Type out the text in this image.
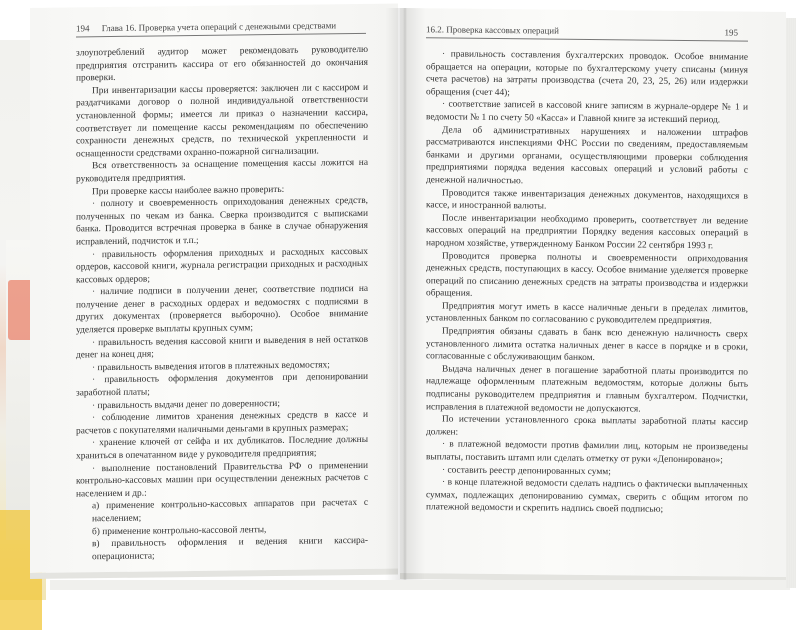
194 Глава 16. Проверка учета операций с денежными средствами

злоупотреблений аудитор может рекомендовать руководителю предприятия отстранить кассира от его обязанностей до окончания проверки.

При инвентаризации кассы проверяется: заключен ли с кассиром и раздатчиками договор о полной индивидуальной ответственности установленной формы; имеется ли приказ о назначении кассира, соответствует ли помещение кассы рекомендациям по обеспечению сохранности денежных средств, по технической укрепленности и оснащенности средствами охранно-пожарной сигнализации.

Вся ответственность за оснащение помещения кассы ложится на руководителя предприятия.

При проверке кассы наиболее важно проверить:

· полноту и своевременность оприходования денежных средств, полученных по чекам из банка. Сверка производится с выписками банка. Проводится встречная проверка в банке в случае обнаружения исправлений, подчисток и т.п.;

· правильность оформления приходных и расходных кассовых ордеров, кассовой книги, журнала регистрации приходных и расходных кассовых ордеров;

· наличие подписи в получении денег, соответствие подписи на получение денег в расходных ордерах и ведомостях с подписями в других документах (проверяется выборочно). Особое внимание уделяется проверке выплаты крупных сумм;

· правильность ведения кассовой книги и выведения в ней остатков денег на конец дня;

· правильность выведения итогов в платежных ведомостях;

· правильность оформления документов при депонировании заработной платы;

· правильность выдачи денег по доверенности;

· соблюдение лимитов хранения денежных средств в кассе и расчетов с покупателями наличными деньгами в крупных размерах;

· хранение ключей от сейфа и их дубликатов. Последние должны храниться в опечатанном виде у руководителя предприятия;

· выполнение постановлений Правительства РФ о применении контрольно-кассовых машин при осуществлении денежных расчетов с населением и др.:

а) применение контрольно-кассовых аппаратов при расчетах с населением;

б) применение контрольно-кассовой ленты,

в) правильность оформления и ведения книги кассира-операциониста;

16.2. Проверка кассовых операций	195

· правильность составления бухгалтерских проводок. Особое внимание обращается на операции, которые по бухгалтерскому учету списаны (минуя счета расчетов) на затраты производства (счета 20, 23, 25, 26) или издержки обращения (счет 44);

· соответствие записей в кассовой книге записям в журнале-ордере № 1 и ведомости № 1 по счету 50 «Касса» и Главной книге за истекший период.

Дела об административных нарушениях и наложении штрафов рассматриваются инспекциями ФНС России по сведениям, предоставляемым банками и другими органами, осуществляющими проверки соблюдения предприятиями порядка ведения кассовых операций и условий работы с денежной наличностью.

Проводится также инвентаризация денежных документов, находящихся в кассе, и иностранной валюты.

После инвентаризации необходимо проверить, соответствует ли ведение кассовых операций на предприятии Порядку ведения кассовых операций в народном хозяйстве, утвержденному Банком России 22 сентября 1993 г.

Проводится проверка полноты и своевременности оприходования денежных средств, поступающих в кассу. Особое внимание уделяется проверке операций по списанию денежных средств на затраты производства и издержки обращения.

Предприятия могут иметь в кассе наличные деньги в пределах лимитов, установленных банком по согласованию с руководителем предприятия.

Предприятия обязаны сдавать в банк всю денежную наличность сверх установленного лимита остатка наличных денег в кассе в порядке и в сроки, согласованные с обслуживающим банком.

Выдача наличных денег в погашение заработной платы производится по надлежаще оформленным платежным ведомостям, которые должны быть подписаны руководителем предприятия и главным бухгалтером. Подчистки, исправления в платежной ведомости не допускаются.

По истечении установленного срока выплаты заработной платы кассир должен:

· в платежной ведомости против фамилии лиц, которым не произведены выплаты, поставить штамп или сделать отметку от руки «Депонировано»;

· составить реестр депонированных сумм;

· в конце платежной ведомости сделать надпись о фактически выплаченных суммах, подлежащих депонированию суммах, сверить с общим итогом по платежной ведомости и скрепить надпись своей подписью;
